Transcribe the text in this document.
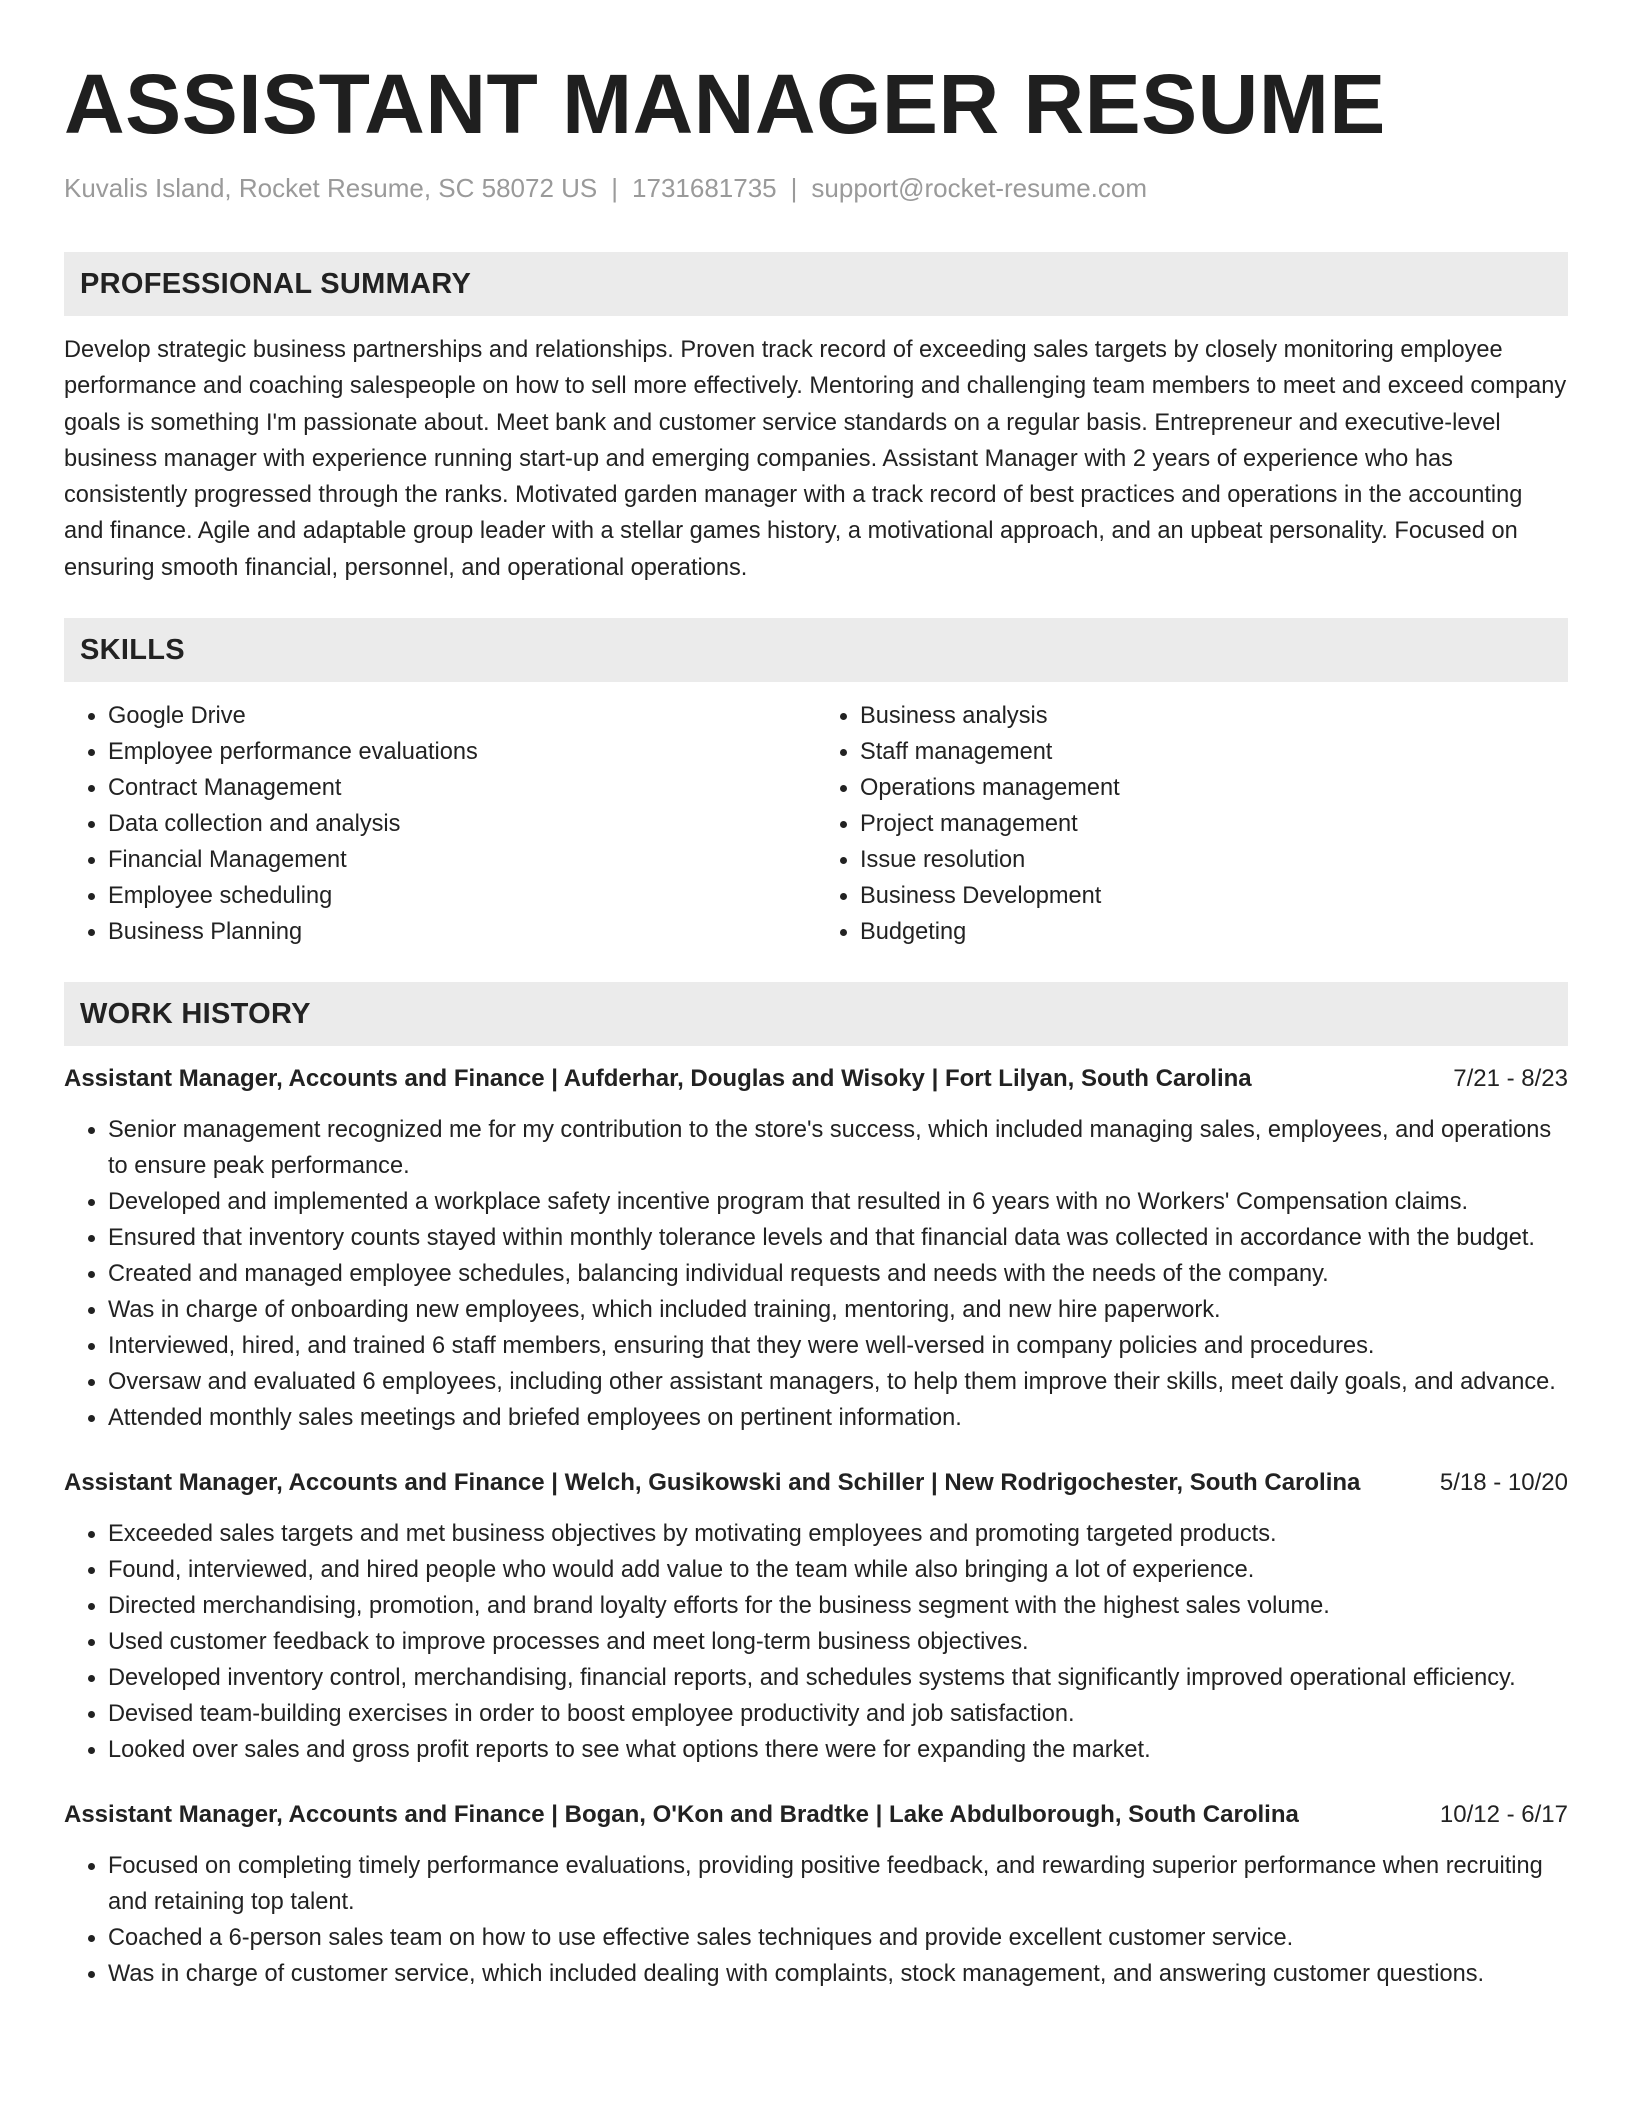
ASSISTANT MANAGER RESUME
Kuvalis Island, Rocket Resume, SC 58072 US | 1731681735 | support@rocket-resume.com
PROFESSIONAL SUMMARY
Develop strategic business partnerships and relationships. Proven track record of exceeding sales targets by closely monitoring employee performance and coaching salespeople on how to sell more effectively. Mentoring and challenging team members to meet and exceed company goals is something I'm passionate about. Meet bank and customer service standards on a regular basis. Entrepreneur and executive-level business manager with experience running start-up and emerging companies. Assistant Manager with 2 years of experience who has consistently progressed through the ranks. Motivated garden manager with a track record of best practices and operations in the accounting and finance. Agile and adaptable group leader with a stellar games history, a motivational approach, and an upbeat personality. Focused on ensuring smooth financial, personnel, and operational operations.
SKILLS
• Google Drive
• Employee performance evaluations
• Contract Management
• Data collection and analysis
• Financial Management
• Employee scheduling
• Business Planning
• Business analysis
• Staff management
• Operations management
• Project management
• Issue resolution
• Business Development
• Budgeting
WORK HISTORY
Assistant Manager, Accounts and Finance | Aufderhar, Douglas and Wisoky | Fort Lilyan, South Carolina	7/21 - 8/23
• Senior management recognized me for my contribution to the store's success, which included managing sales, employees, and operations to ensure peak performance.
• Developed and implemented a workplace safety incentive program that resulted in 6 years with no Workers' Compensation claims.
• Ensured that inventory counts stayed within monthly tolerance levels and that financial data was collected in accordance with the budget.
• Created and managed employee schedules, balancing individual requests and needs with the needs of the company.
• Was in charge of onboarding new employees, which included training, mentoring, and new hire paperwork.
• Interviewed, hired, and trained 6 staff members, ensuring that they were well-versed in company policies and procedures.
• Oversaw and evaluated 6 employees, including other assistant managers, to help them improve their skills, meet daily goals, and advance.
• Attended monthly sales meetings and briefed employees on pertinent information.
Assistant Manager, Accounts and Finance | Welch, Gusikowski and Schiller | New Rodrigochester, South Carolina	5/18 - 10/20
• Exceeded sales targets and met business objectives by motivating employees and promoting targeted products.
• Found, interviewed, and hired people who would add value to the team while also bringing a lot of experience.
• Directed merchandising, promotion, and brand loyalty efforts for the business segment with the highest sales volume.
• Used customer feedback to improve processes and meet long-term business objectives.
• Developed inventory control, merchandising, financial reports, and schedules systems that significantly improved operational efficiency.
• Devised team-building exercises in order to boost employee productivity and job satisfaction.
• Looked over sales and gross profit reports to see what options there were for expanding the market.
Assistant Manager, Accounts and Finance | Bogan, O'Kon and Bradtke | Lake Abdulborough, South Carolina	10/12 - 6/17
• Focused on completing timely performance evaluations, providing positive feedback, and rewarding superior performance when recruiting and retaining top talent.
• Coached a 6-person sales team on how to use effective sales techniques and provide excellent customer service.
• Was in charge of customer service, which included dealing with complaints, stock management, and answering customer questions.
